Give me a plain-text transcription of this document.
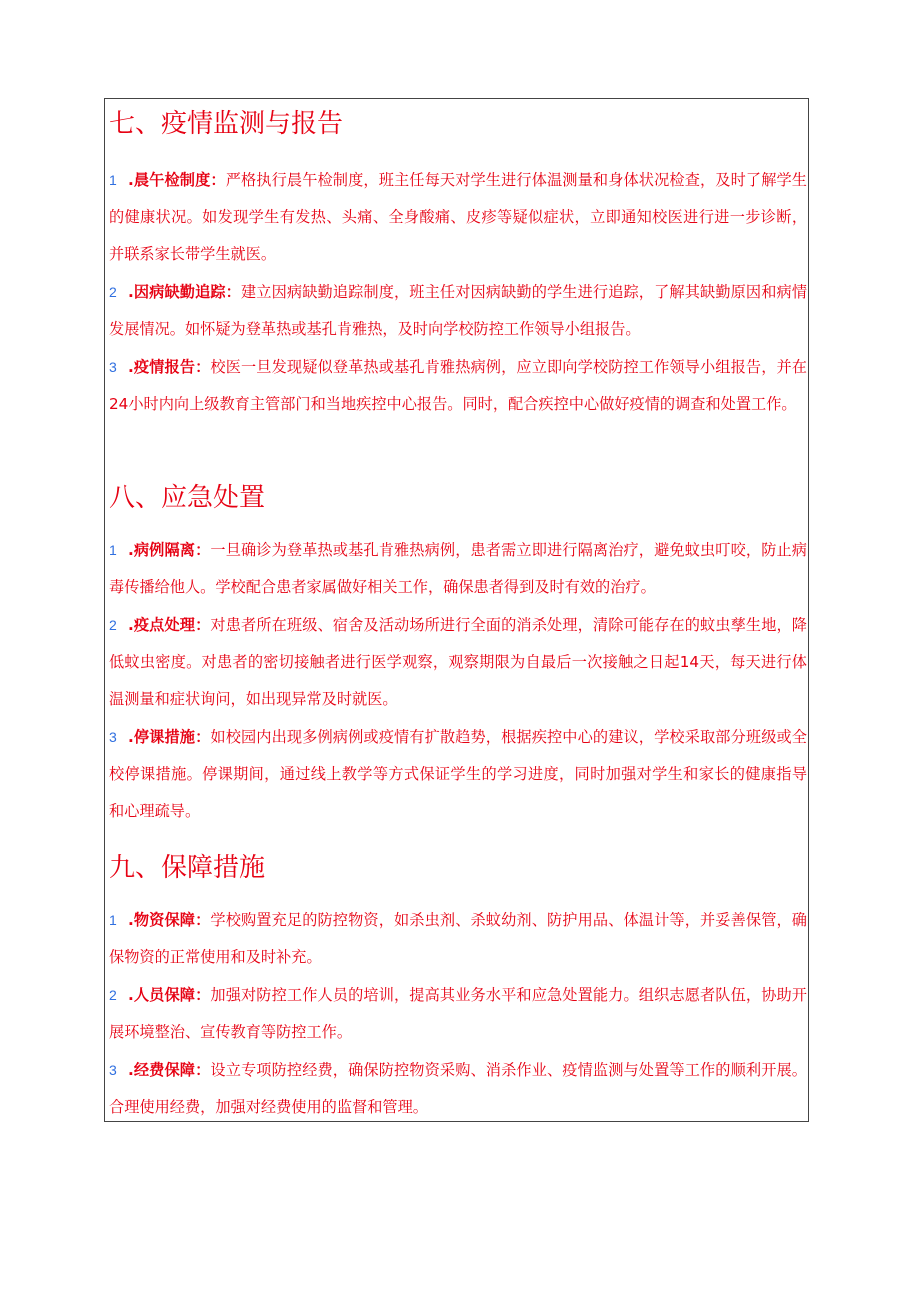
七、疫情监测与报告
1 .晨午检制度：严格执行晨午检制度，班主任每天对学生进行体温测量和身体状况检查，及时了解学生的健康状况。如发现学生有发热、头痛、全身酸痛、皮疹等疑似症状，立即通知校医进行进一步诊断，并联系家长带学生就医。

2 .因病缺勤追踪：建立因病缺勤追踪制度，班主任对因病缺勤的学生进行追踪，了解其缺勤原因和病情发展情况。如怀疑为登革热或基孔肯雅热，及时向学校防控工作领导小组报告。

3 .疫情报告：校医一旦发现疑似登革热或基孔肯雅热病例，应立即向学校防控工作领导小组报告，并在24小时内向上级教育主管部门和当地疾控中心报告。同时，配合疾控中心做好疫情的调查和处置工作。

八、应急处置
1 .病例隔离：一旦确诊为登革热或基孔肯雅热病例，患者需立即进行隔离治疗，避免蚊虫叮咬，防止病毒传播给他人。学校配合患者家属做好相关工作，确保患者得到及时有效的治疗。

2 .疫点处理：对患者所在班级、宿舍及活动场所进行全面的消杀处理，清除可能存在的蚊虫孳生地，降低蚊虫密度。对患者的密切接触者进行医学观察，观察期限为自最后一次接触之日起14天，每天进行体温测量和症状询问，如出现异常及时就医。

3 .停课措施：如校园内出现多例病例或疫情有扩散趋势，根据疾控中心的建议，学校采取部分班级或全校停课措施。停课期间，通过线上教学等方式保证学生的学习进度，同时加强对学生和家长的健康指导和心理疏导。

九、保障措施
1 .物资保障：学校购置充足的防控物资，如杀虫剂、杀蚊幼剂、防护用品、体温计等，并妥善保管，确保物资的正常使用和及时补充。

2 .人员保障：加强对防控工作人员的培训，提高其业务水平和应急处置能力。组织志愿者队伍，协助开展环境整治、宣传教育等防控工作。

3 .经费保障：设立专项防控经费，确保防控物资采购、消杀作业、疫情监测与处置等工作的顺利开展。合理使用经费，加强对经费使用的监督和管理。
